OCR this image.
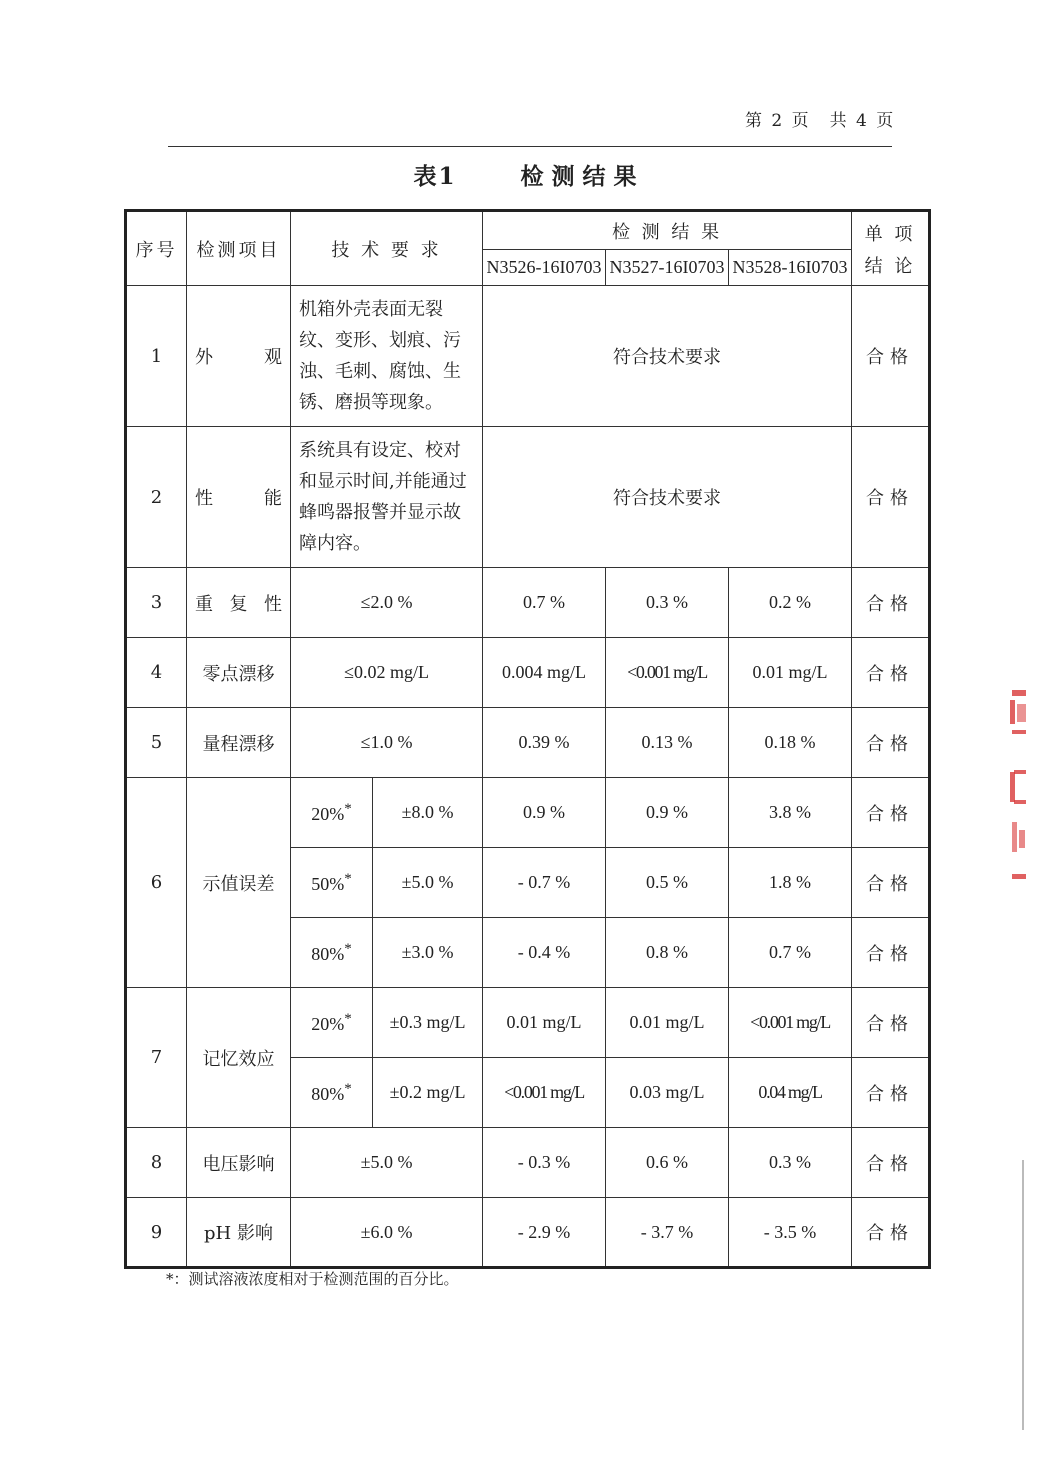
第 2 页　共 4 页
表1	检测结果
序号	检测项目	技 术 要 求		检 测 结 果			单 项
结 论

				N3526-16I0703	N3527-16I0703	N3528-16I0703	
1	外观	机箱外壳表面无裂纹、变形、划痕、污浊、毛刺、腐蚀、生锈、磨损等现象。		符合技术要求			合格
2	性能	系统具有设定、校对和显示时间,并能通过蜂鸣器报警并显示故障内容。		符合技术要求			合格
3	重复性	≤2.0 %		0.7 %	0.3 %	0.2 %	合格
4	零点漂移	≤0.02 mg/L		0.004 mg/L	<0.001 mg/L	0.01 mg/L	合格
5	量程漂移	≤1.0 %		0.39 %	0.13 %	0.18 %	合格
6	示值误差	20%*	±8.0 %	0.9 %	0.9 %	3.8 %	合格
		50%*	±5.0 %	- 0.7 %	0.5 %	1.8 %	合格
		80%*	±3.0 %	- 0.4 %	0.8 %	0.7 %	合格
7	记忆效应	20%*	±0.3 mg/L	0.01 mg/L	0.01 mg/L	<0.001 mg/L	合格
		80%*	±0.2 mg/L	<0.001 mg/L	0.03 mg/L	0.04 mg/L	合格
8	电压影响	±5.0 %		- 0.3 %	0.6 %	0.3 %	合格
9	pH 影响	±6.0 %		- 2.9 %	- 3.7 %	- 3.5 %	合格
*：测试溶液浓度相对于检测范围的百分比。
